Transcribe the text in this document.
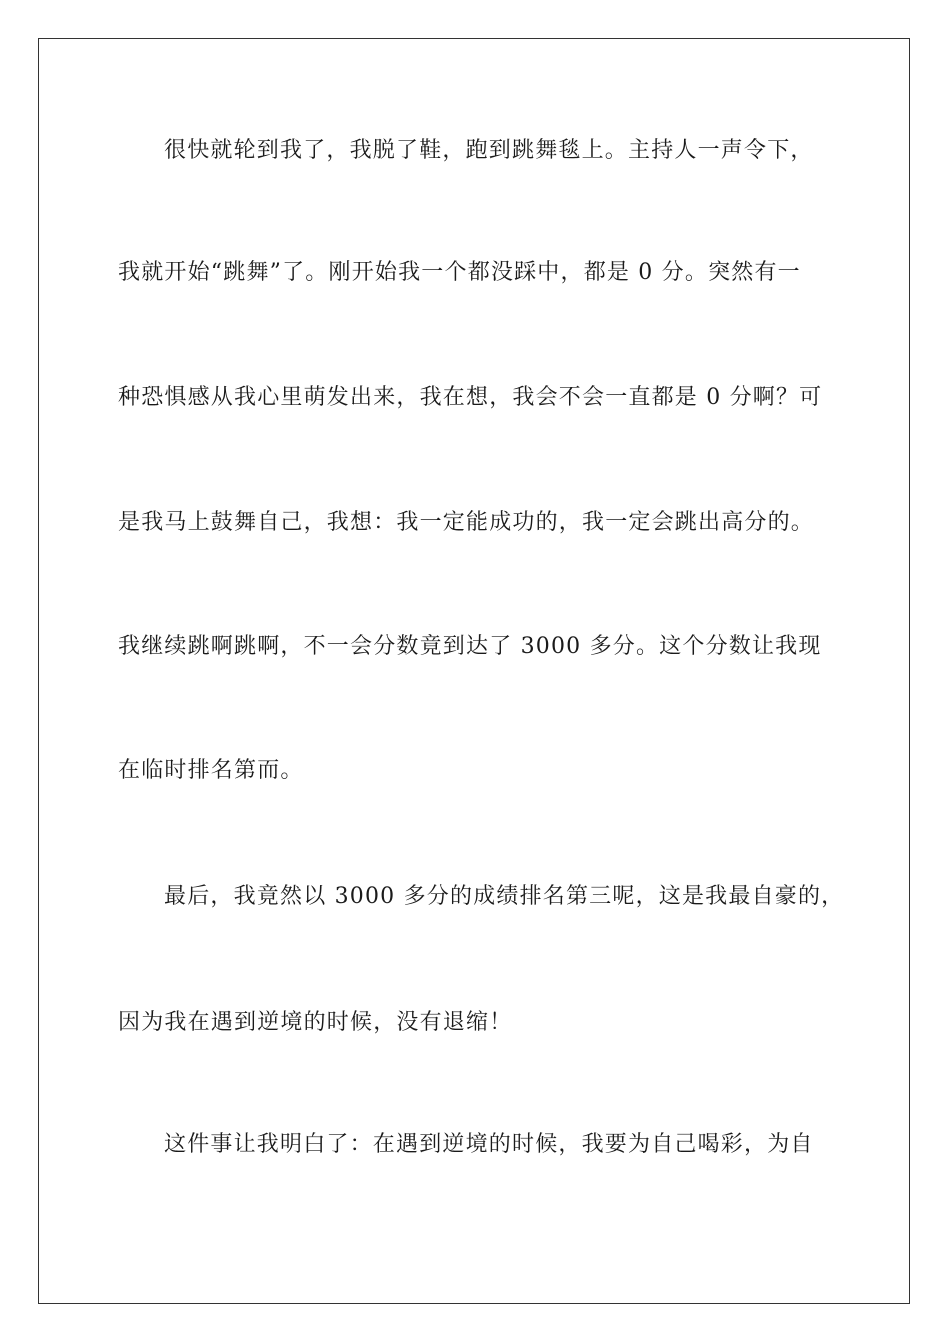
很快就轮到我了，我脱了鞋，跑到跳舞毯上。主持人一声令下，
我就开始“跳舞”了。刚开始我一个都没踩中，都是 0 分。突然有一
种恐惧感从我心里萌发出来，我在想，我会不会一直都是 0 分啊？可
是我马上鼓舞自己，我想：我一定能成功的，我一定会跳出高分的。
我继续跳啊跳啊，不一会分数竟到达了 3000 多分。这个分数让我现
在临时排名第而。
最后，我竟然以 3000 多分的成绩排名第三呢，这是我最自豪的，
因为我在遇到逆境的时候，没有退缩！
这件事让我明白了：在遇到逆境的时候，我要为自己喝彩，为自
